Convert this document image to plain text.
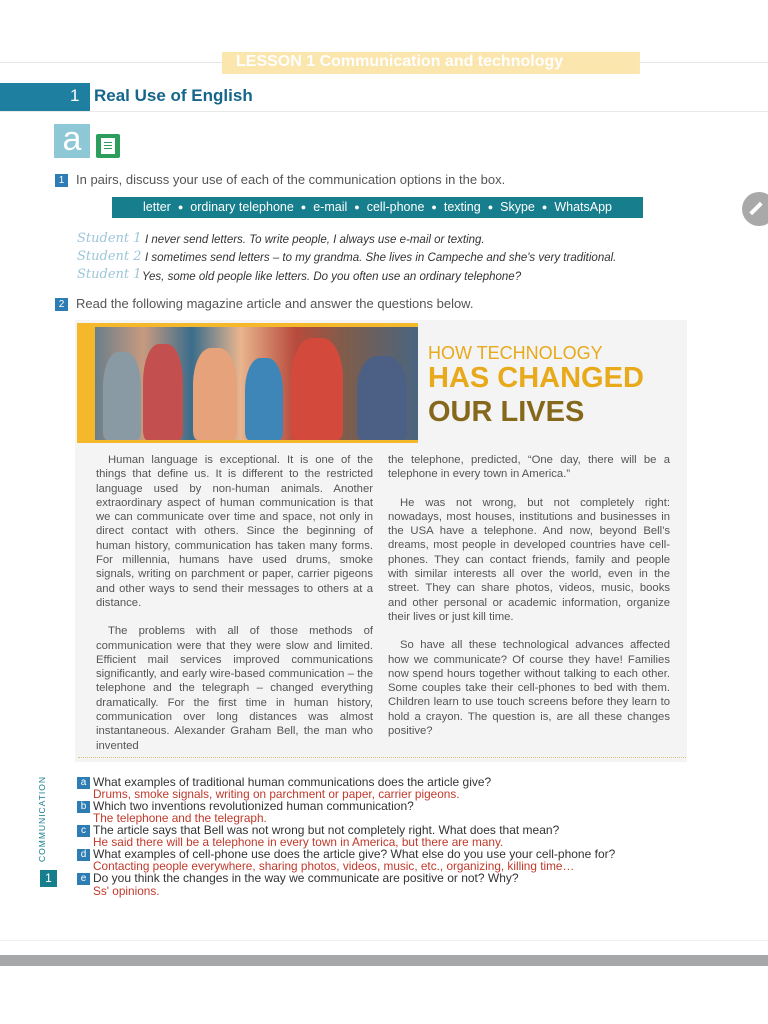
LESSON 1 Communication and technology
1 Real Use of English
a
1 In pairs, discuss your use of each of the communication options in the box.
letter ● ordinary telephone ● e-mail ● cell-phone ● texting ● Skype ● WhatsApp
Student 1 I never send letters. To write people, I always use e-mail or texting.
Student 2 I sometimes send letters – to my grandma. She lives in Campeche and she's very traditional.
Student 1 Yes, some old people like letters. Do you often use an ordinary telephone?
2 Read the following magazine article and answer the questions below.
HOW TECHNOLOGY
HAS CHANGED
OUR LIVES

Human language is exceptional. It is one of the things that define us. It is different to the restricted language used by non-human animals. Another extraordinary aspect of human communication is that we can communicate over time and space, not only in direct contact with others. Since the beginning of human history, communication has taken many forms. For millennia, humans have used drums, smoke signals, writing on parchment or paper, carrier pigeons and other ways to send their messages to others at a distance.

The problems with all of those methods of communication were that they were slow and limited. Efficient mail services improved communications significantly, and early wire-based communication – the telephone and the telegraph – changed everything dramatically. For the first time in human history, communication over long distances was almost instantaneous. Alexander Graham Bell, the man who invented

the telephone, predicted, “One day, there will be a telephone in every town in America.”

He was not wrong, but not completely right: nowadays, most houses, institutions and businesses in the USA have a telephone. And now, beyond Bell's dreams, most people in developed countries have cell-phones. They can contact friends, family and people with similar interests all over the world, even in the street. They can share photos, videos, music, books and other personal or academic information, organize their lives or just kill time.

So have all these technological advances affected how we communicate? Of course they have! Families now spend hours together without talking to each other. Some couples take their cell-phones to bed with them. Children learn to use touch screens before they learn to hold a crayon. The question is, are all these changes positive?

a What examples of traditional human communications does the article give?
Drums, smoke signals, writing on parchment or paper, carrier pigeons.
b Which two inventions revolutionized human communication?
The telephone and the telegraph.
c The article says that Bell was not wrong but not completely right. What does that mean?
He said there will be a telephone in every town in America, but there are many.
d What examples of cell-phone use does the article give? What else do you use your cell-phone for?
Contacting people everywhere, sharing photos, videos, music, etc., organizing, killing time…
e Do you think the changes in the way we communicate are positive or not? Why?
Ss' opinions.
COMMUNICATION
1
